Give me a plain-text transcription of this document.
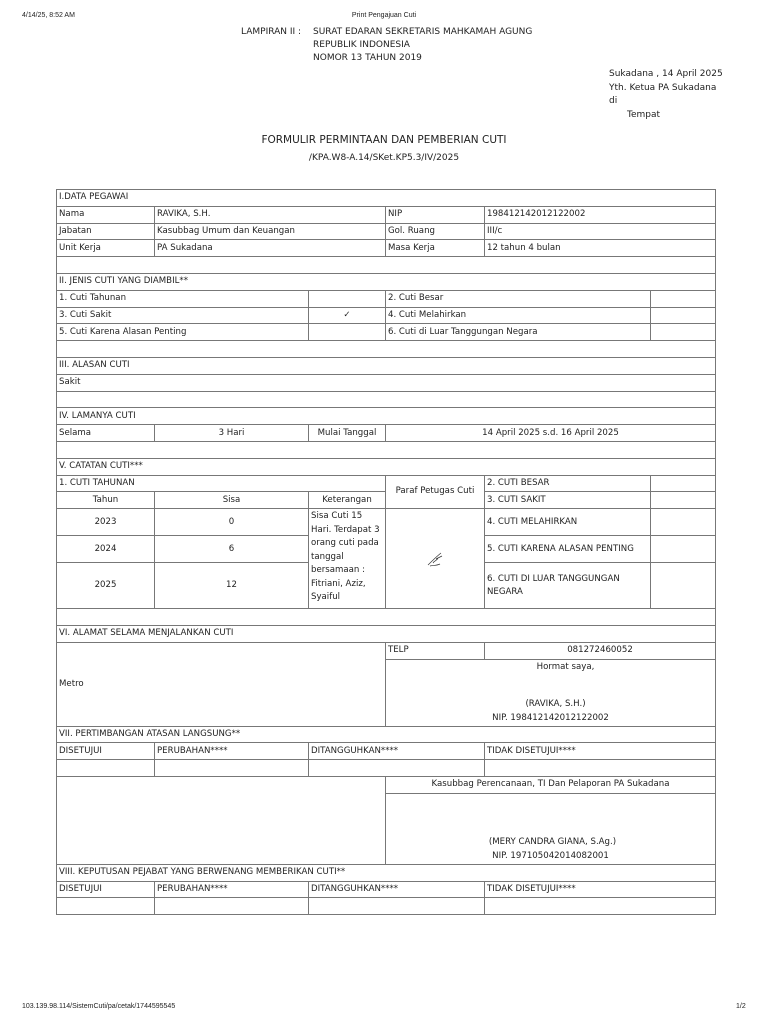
4/14/25, 8:52 AM	Print Pengajuan Cuti
103.139.98.114/SistemCuti/pa/cetak/1744595545	1/2
LAMPIRAN II : SURAT EDARAN SEKRETARIS MAHKAMAH AGUNG
REPUBLIK INDONESIA
NOMOR 13 TAHUN 2019
Sukadana , 14 April 2025
Yth. Ketua PA Sukadana
di
Tempat
FORMULIR PERMINTAAN DAN PEMBERIAN CUTI
/KPA.W8-A.14/SKet.KP5.3/IV/2025
I.DATA PEGAWAI					
Nama	RAVIKA, S.H.		NIP	198412142012122002	
Jabatan	Kasubbag Umum dan Keuangan		Gol. Ruang	III/c	
Unit Kerja	PA Sukadana		Masa Kerja	12 tahun 4 bulan	

II. JENIS CUTI YANG DIAMBIL**					
1. Cuti Tahunan			2. Cuti Besar		
3. Cuti Sakit		✓	4. Cuti Melahirkan		
5. Cuti Karena Alasan Penting			6. Cuti di Luar Tanggungan Negara		

III. ALASAN CUTI					
Sakit					

IV. LAMANYA CUTI					
Selama	3 Hari	Mulai Tanggal	14 April 2025 s.d. 16 April 2025		

V. CATATAN CUTI***					
1. CUTI TAHUNAN			Paraf Petugas Cuti	2. CUTI BESAR	
Tahun	Sisa	Keterangan		3. CUTI SAKIT	
2023	0	Sisa Cuti 15 Hari. Terdapat 3 orang cuti pada tanggal bersamaan : Fitriani, Aziz, Syaiful		4. CUTI MELAHIRKAN	
2024	6			5. CUTI KARENA ALASAN PENTING	
2025	12			6. CUTI DI LUAR TANGGUNGAN NEGARA	

VI. ALAMAT SELAMA MENJALANKAN CUTI					
Metro			TELP	081272460052	

			Hormat saya,
(RAVIKA, S.H.)
NIP. 198412142012122002		

VII. PERTIMBANGAN ATASAN LANGSUNG**					
DISETUJUI	PERUBAHAN****	DITANGGUHKAN****		TIDAK DISETUJUI****	

			Kasubbag Perencanaan, TI Dan Pelaporan PA Sukadana		

			(MERY CANDRA GIANA, S.Ag.)
NIP. 197105042014082001		

VIII. KEPUTUSAN PEJABAT YANG BERWENANG MEMBERIKAN CUTI**					
DISETUJUI	PERUBAHAN****	DITANGGUHKAN****		TIDAK DISETUJUI****	
